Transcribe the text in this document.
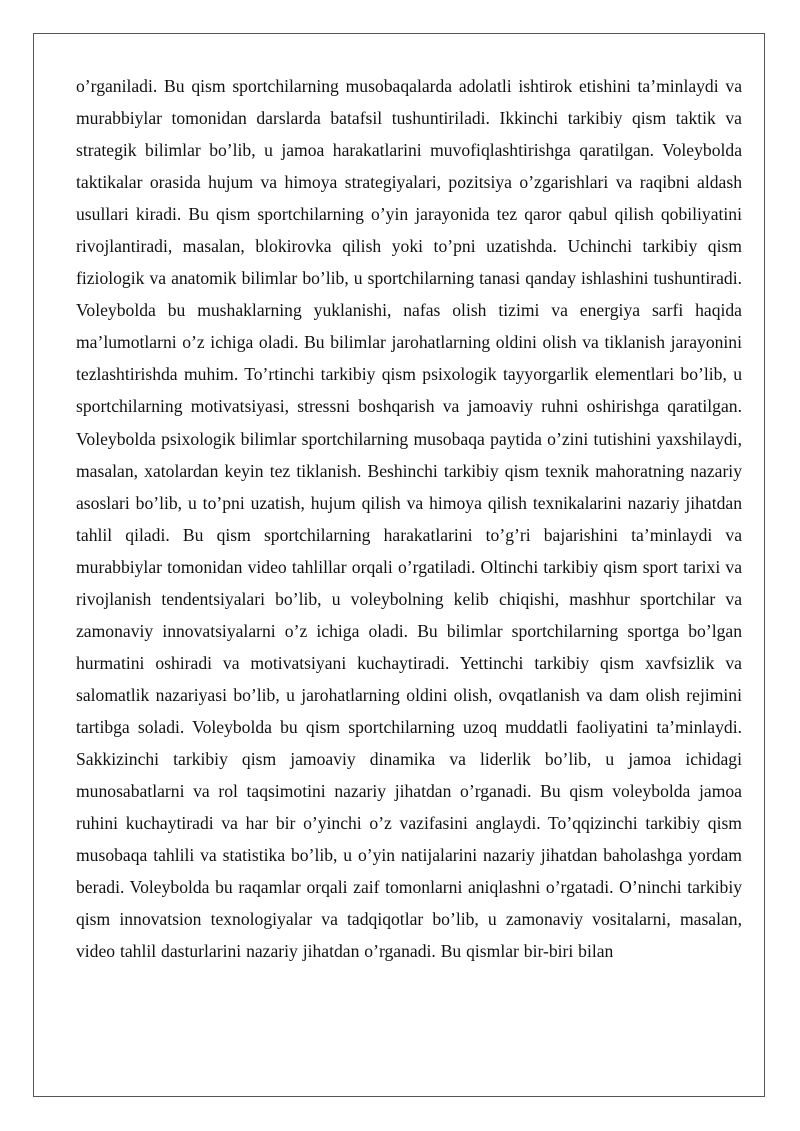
o’rganiladi. Bu qism sportchilarning musobaqalarda adolatli ishtirok etishini ta’minlaydi va murabbiylar tomonidan darslarda batafsil tushuntiriladi. Ikkinchi tarkibiy qism taktik va strategik bilimlar bo’lib, u jamoa harakatlarini muvofiqlashtirishga qaratilgan. Voleybolda taktikalar orasida hujum va himoya strategiyalari, pozitsiya o’zgarishlari va raqibni aldash usullari kiradi. Bu qism sportchilarning o’yin jarayonida tez qaror qabul qilish qobiliyatini rivojlantiradi, masalan, blokirovka qilish yoki to’pni uzatishda. Uchinchi tarkibiy qism fiziologik va anatomik bilimlar bo’lib, u sportchilarning tanasi qanday ishlashini tushuntiradi. Voleybolda bu mushaklarning yuklanishi, nafas olish tizimi va energiya sarfi haqida ma’lumotlarni o’z ichiga oladi. Bu bilimlar jarohatlarning oldini olish va tiklanish jarayonini tezlashtirishda muhim. To’rtinchi tarkibiy qism psixologik tayyorgarlik elementlari bo’lib, u sportchilarning motivatsiyasi, stressni boshqarish va jamoaviy ruhni oshirishga qaratilgan. Voleybolda psixologik bilimlar sportchilarning musobaqa paytida o’zini tutishini yaxshilaydi, masalan, xatolardan keyin tez tiklanish. Beshinchi tarkibiy qism texnik mahoratning nazariy asoslari bo’lib, u to’pni uzatish, hujum qilish va himoya qilish texnikalarini nazariy jihatdan tahlil qiladi. Bu qism sportchilarning harakatlarini to’g’ri bajarishini ta’minlaydi va murabbiylar tomonidan video tahlillar orqali o’rgatiladi. Oltinchi tarkibiy qism sport tarixi va rivojlanish tendentsiyalari bo’lib, u voleybolning kelib chiqishi, mashhur sportchilar va zamonaviy innovatsiyalarni o’z ichiga oladi. Bu bilimlar sportchilarning sportga bo’lgan hurmatini oshiradi va motivatsiyani kuchaytiradi. Yettinchi tarkibiy qism xavfsizlik va salomatlik nazariyasi bo’lib, u jarohatlarning oldini olish, ovqatlanish va dam olish rejimini tartibga soladi. Voleybolda bu qism sportchilarning uzoq muddatli faoliyatini ta’minlaydi. Sakkizinchi tarkibiy qism jamoaviy dinamika va liderlik bo’lib, u jamoa ichidagi munosabatlarni va rol taqsimotini nazariy jihatdan o’rganadi. Bu qism voleybolda jamoa ruhini kuchaytiradi va har bir o’yinchi o’z vazifasini anglaydi. To’qqizinchi tarkibiy qism musobaqa tahlili va statistika bo’lib, u o’yin natijalarini nazariy jihatdan baholashga yordam beradi. Voleybolda bu raqamlar orqali zaif tomonlarni aniqlashni o’rgatadi. O’ninchi tarkibiy qism innovatsion texnologiyalar va tadqiqotlar bo’lib, u zamonaviy vositalarni, masalan, video tahlil dasturlarini nazariy jihatdan o’rganadi. Bu qismlar bir-biri bilan
